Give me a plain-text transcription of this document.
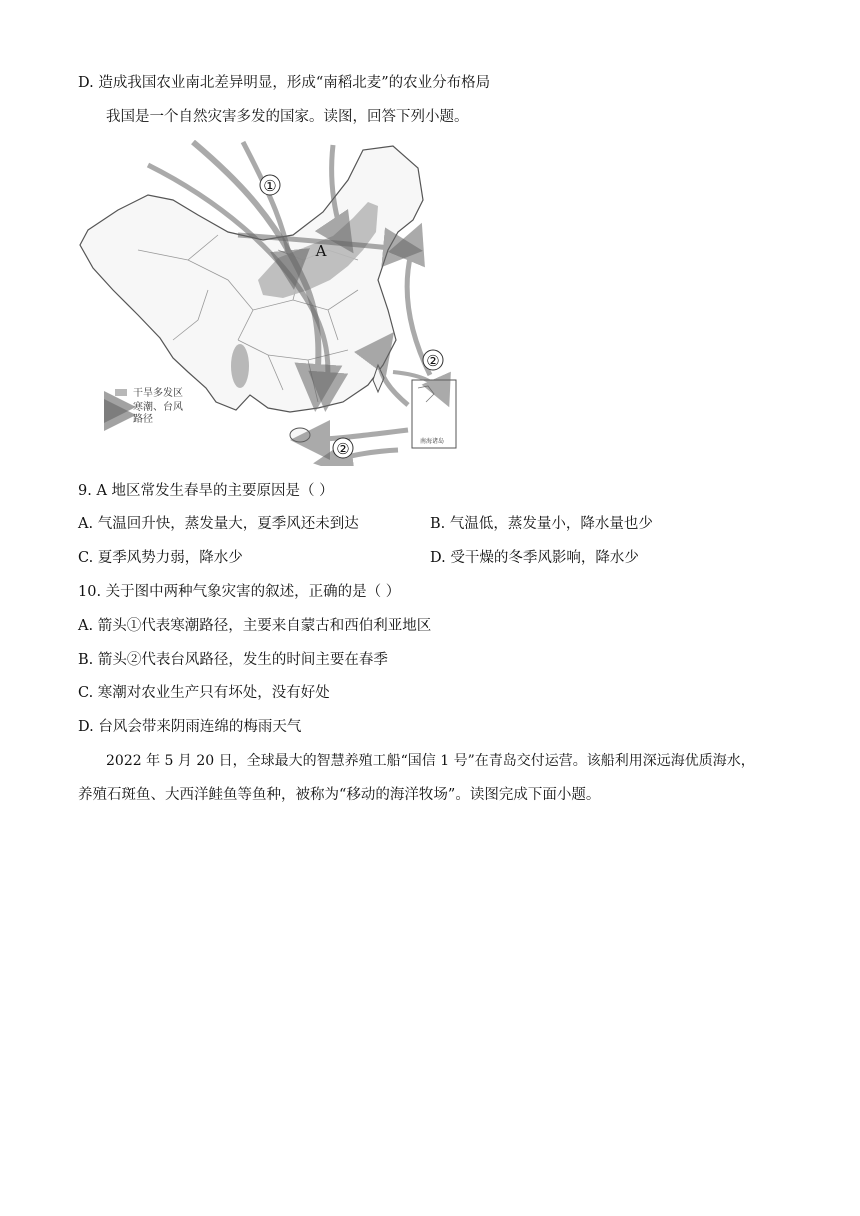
D. 造成我国农业南北差异明显，形成“南稻北麦”的农业分布格局
我国是一个自然灾害多发的国家。读图，回答下列小题。
南海诸岛
①
②
②
A
干旱多发区
寒潮、台风
路径
9. A 地区常发生春旱的主要原因是（ ）
A. 气温回升快，蒸发量大，夏季风还未到达	B. 气温低，蒸发量小，降水量也少
C. 夏季风势力弱，降水少	D. 受干燥的冬季风影响，降水少
10. 关于图中两种气象灾害的叙述，正确的是（ ）
A. 箭头①代表寒潮路径，主要来自蒙古和西伯利亚地区
B. 箭头②代表台风路径，发生的时间主要在春季
C. 寒潮对农业生产只有坏处，没有好处
D. 台风会带来阴雨连绵的梅雨天气
2022 年 5 月 20 日，全球最大的智慧养殖工船“国信 1 号”在青岛交付运营。该船利用深远海优质海水，
养殖石斑鱼、大西洋鲑鱼等鱼种，被称为“移动的海洋牧场”。读图完成下面小题。
